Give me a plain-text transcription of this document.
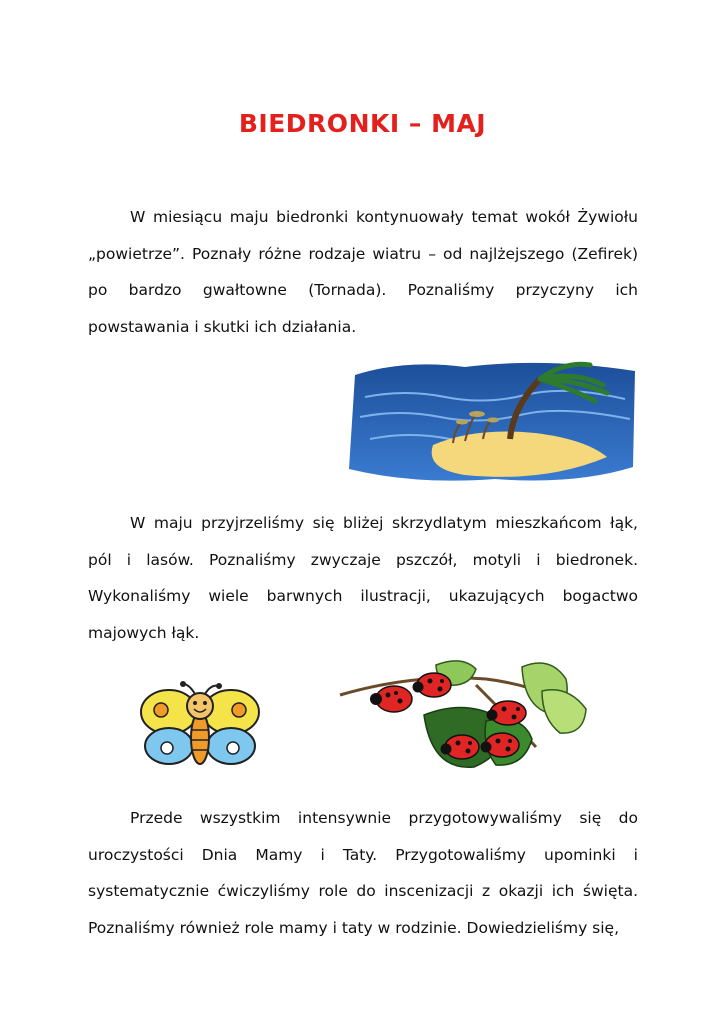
BIEDRONKI – MAJ

W miesiącu maju biedronki kontynuowały temat wokół Żywiołu „powietrze”. Poznały różne rodzaje wiatru – od najlżejszego (Zefirek) po bardzo gwałtowne (Tornada). Poznaliśmy przyczyny ich powstawania i skutki ich działania.

W maju przyjrzeliśmy się bliżej skrzydlatym mieszkańcom łąk, pól i lasów. Poznaliśmy zwyczaje pszczół, motyli i biedronek. Wykonaliśmy wiele barwnych ilustracji, ukazujących bogactwo majowych łąk.

Przede wszystkim intensywnie przygotowywaliśmy się do uroczystości Dnia Mamy i Taty. Przygotowaliśmy upominki i systematycznie ćwiczyliśmy role do inscenizacji z okazji ich święta. Poznaliśmy również role mamy i taty w rodzinie. Dowiedzieliśmy się,
